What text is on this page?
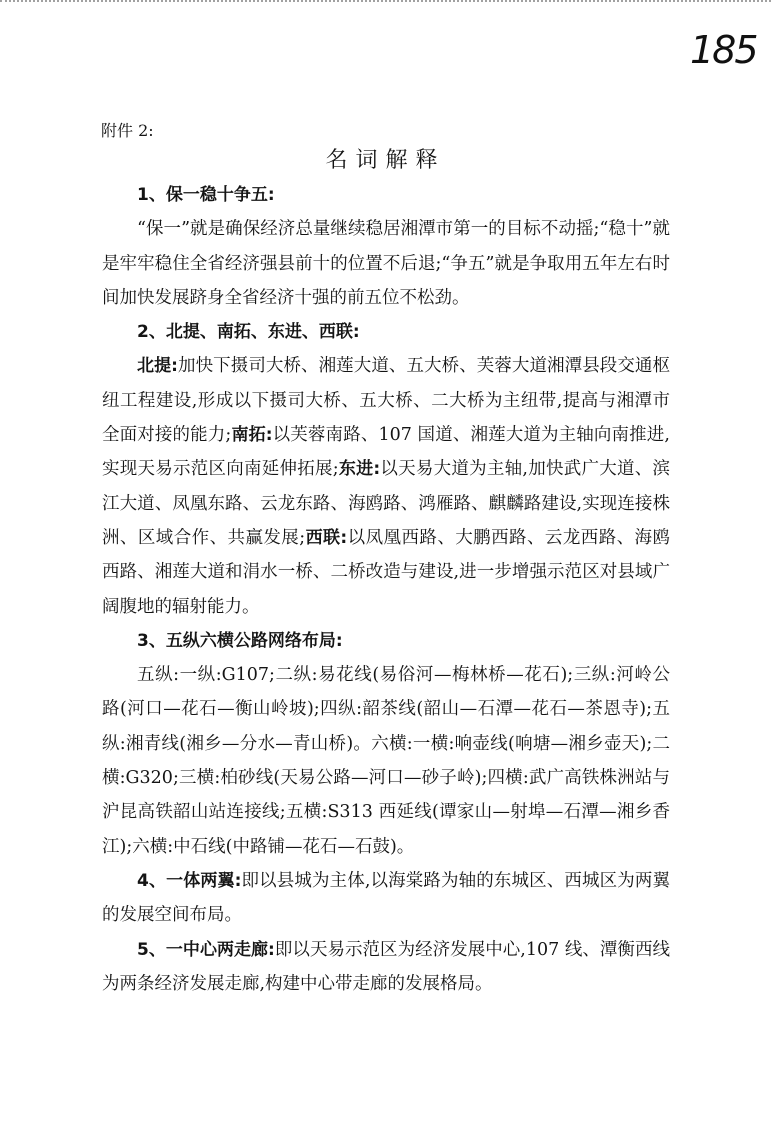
185
附件 2:
名词解释

1、保一稳十争五:

“保一”就是确保经济总量继续稳居湘潭市第一的目标不动摇;“稳十”就是牢牢稳住全省经济强县前十的位置不后退;“争五”就是争取用五年左右时间加快发展跻身全省经济十强的前五位不松劲。

2、北提、南拓、东进、西联:

北提:加快下摄司大桥、湘莲大道、五大桥、芙蓉大道湘潭县段交通枢纽工程建设,形成以下摄司大桥、五大桥、二大桥为主纽带,提高与湘潭市全面对接的能力;南拓:以芙蓉南路、107 国道、湘莲大道为主轴向南推进,实现天易示范区向南延伸拓展;东进:以天易大道为主轴,加快武广大道、滨江大道、凤凰东路、云龙东路、海鸥路、鸿雁路、麒麟路建设,实现连接株洲、区域合作、共赢发展;西联:以凤凰西路、大鹏西路、云龙西路、海鸥西路、湘莲大道和涓水一桥、二桥改造与建设,进一步增强示范区对县域广阔腹地的辐射能力。

3、五纵六横公路网络布局:

五纵:一纵:G107;二纵:易花线(易俗河—梅林桥—花石);三纵:河岭公路(河口—花石—衡山岭坡);四纵:韶茶线(韶山—石潭—花石—茶恩寺);五纵:湘青线(湘乡—分水—青山桥)。六横:一横:响壶线(响塘—湘乡壶天);二横:G320;三横:柏砂线(天易公路—河口—砂子岭);四横:武广高铁株洲站与沪昆高铁韶山站连接线;五横:S313 西延线(谭家山—射埠—石潭—湘乡香江);六横:中石线(中路铺—花石—石鼓)。

4、一体两翼:即以县城为主体,以海棠路为轴的东城区、西城区为两翼的发展空间布局。

5、一中心两走廊:即以天易示范区为经济发展中心,107 线、潭衡西线为两条经济发展走廊,构建中心带走廊的发展格局。
